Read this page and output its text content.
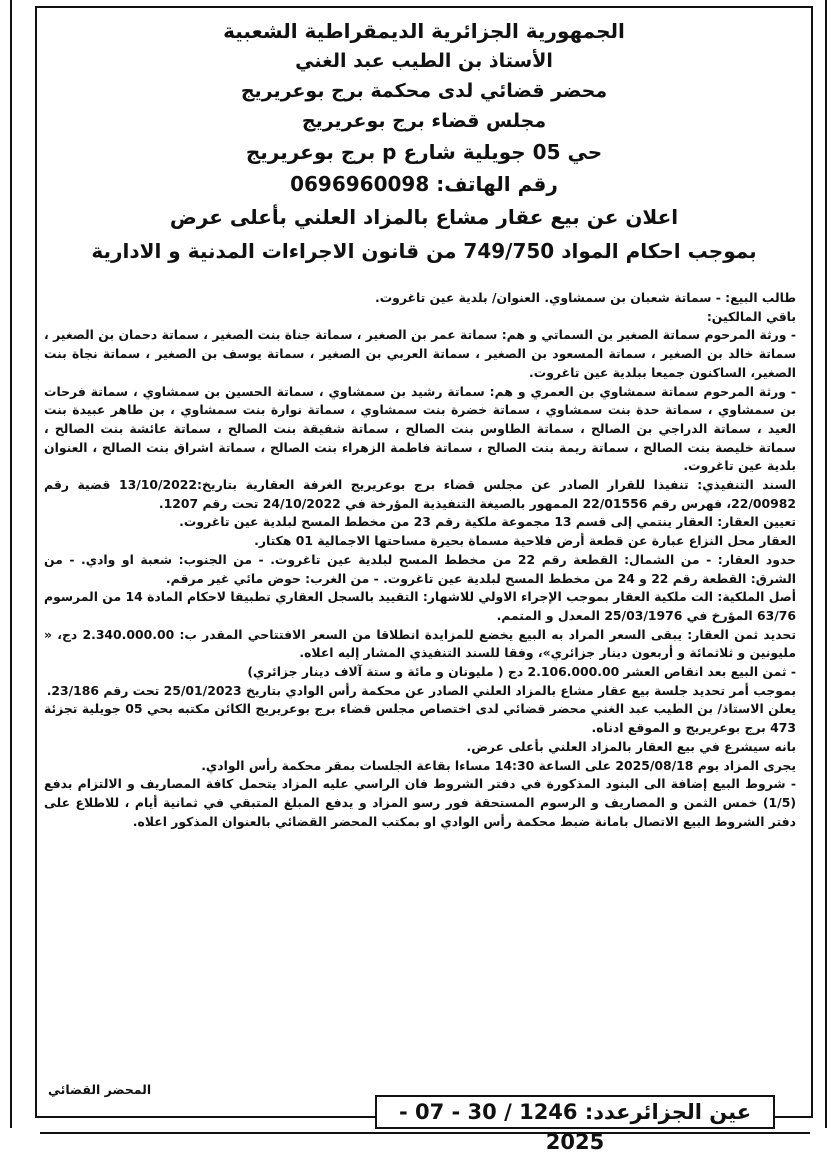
الجمهورية الجزائرية الديمقراطية الشعبية
الأستاذ بن الطيب عبد الغني
محضر قضائي لدى محكمة برج بوعريريج
مجلس قضاء برج بوعريريج
حي 05 جويلية شارع p برج بوعريريج
رقم الهاتف: 0696960098
اعلان عن بيع عقار مشاع بالمزاد العلني بأعلى عرض
بموجب احكام المواد 749/750 من قانون الاجراءات المدنية و الادارية

طالب البيع: - سماتة شعبان بن سمشاوي. العنوان/ بلدية عين تاغروت.

باقي المالكين:

- ورثة المرحوم سماتة الصغير بن السماتي و هم: سماتة عمر بن الصغير ، سماتة جناة بنت الصغير ، سماتة دحمان بن الصغير ، سماتة خالد بن الصغير ، سماتة المسعود بن الصغير ، سماتة العربي بن الصغير ، سماتة يوسف بن الصغير ، سماتة نجاة بنت الصغير، الساكنون جميعا ببلدية عين تاغروت.

- ورثة المرحوم سماتة سمشاوي بن العمري و هم: سماتة رشيد بن سمشاوي ، سماتة الحسين بن سمشاوي ، سماتة فرحات بن سمشاوي ، سماتة حدة بنت سمشاوي ، سماتة خضرة بنت سمشاوي ، سماتة نوارة بنت سمشاوي ، بن طاهر عبيدة بنت العيد ، سماتة الدراجي بن الصالح ، سماتة الطاوس بنت الصالح ، سماتة شفيقة بنت الصالح ، سماتة عائشة بنت الصالح ، سماتة خليصة بنت الصالح ، سماتة ريمة بنت الصالح ، سماتة فاطمة الزهراء بنت الصالح ، سماتة اشراق بنت الصالح ، العنوان بلدية عين تاغروت.

السند التنفيذي: تنفيذا للقرار الصادر عن مجلس قضاء برج بوعريريج الغرفة العقارية بتاريخ:13/10/2022 قضية رقم 22/00982، فهرس رقم 22/01556 الممهور بالصيغة التنفيذية المؤرخة في 24/10/2022 تحت رقم 1207.

تعيين العقار: العقار ينتمي إلى قسم 13 مجموعة ملكية رقم 23 من مخطط المسح لبلدية عين تاغروت.

العقار محل النزاع عبارة عن قطعة أرض فلاحية مسماة بحيرة مساحتها الاجمالية 01 هكتار.

حدود العقار: - من الشمال: القطعة رقم 22 من مخطط المسح لبلدية عين تاغروت. - من الجنوب: شعبة او وادي. - من الشرق: القطعة رقم 22 و 24 من مخطط المسح لبلدية عين تاغروت. - من الغرب: حوض مائي غير مرقم.

أصل الملكية: الت ملكية العقار بموجب الإجراء الاولي للاشهار: التقييد بالسجل العقاري تطبيقا لاحكام المادة 14 من المرسوم 63/76 المؤرخ في 25/03/1976 المعدل و المتمم.

تحديد ثمن العقار: يبقى السعر المراد به البيع يخضع للمزايدة انطلاقا من السعر الافتتاحي المقدر ب: 2.340.000.00 دج، « مليونين و ثلاثمائة و أربعون دينار جزائري»، وفقا للسند التنفيذي المشار إليه اعلاه.

- ثمن البيع بعد انقاص العشر 2.106.000.00 دج ( مليونان و مائة و ستة آلاف دينار جزائري)

بموجب أمر تحديد جلسة بيع عقار مشاع بالمزاد العلني الصادر عن محكمة رأس الوادي بتاريخ 25/01/2023 تحت رقم 23/186.

يعلن الاستاذ/ بن الطيب عبد الغني محضر قضائي لدى اختصاص مجلس قضاء برج بوعريريج الكائن مكتبه بحي 05 جويلية تجزئة 473 برج بوعريريج و الموقع ادناه.

بانه سيشرع في بيع العقار بالمزاد العلني بأعلى عرض.

يجرى المزاد يوم 2025/08/18 على الساعة 14:30 مساءا بقاعة الجلسات بمقر محكمة رأس الوادي.

- شروط البيع إضافة الى البنود المذكورة في دفتر الشروط فان الراسي عليه المزاد يتحمل كافة المصاريف و الالتزام بدفع (1/5) خمس الثمن و المصاريف و الرسوم المستحقة فور رسو المزاد و يدفع المبلغ المتبقي في ثمانية أيام ، للاطلاع على دفتر الشروط البيع الاتصال بامانة ضبط محكمة رأس الوادي او بمكتب المحضر القضائي بالعنوان المذكور اعلاه.

المحضر القضائي
عين الجزائرعدد: 1246 / 30 - 07 - 2025
